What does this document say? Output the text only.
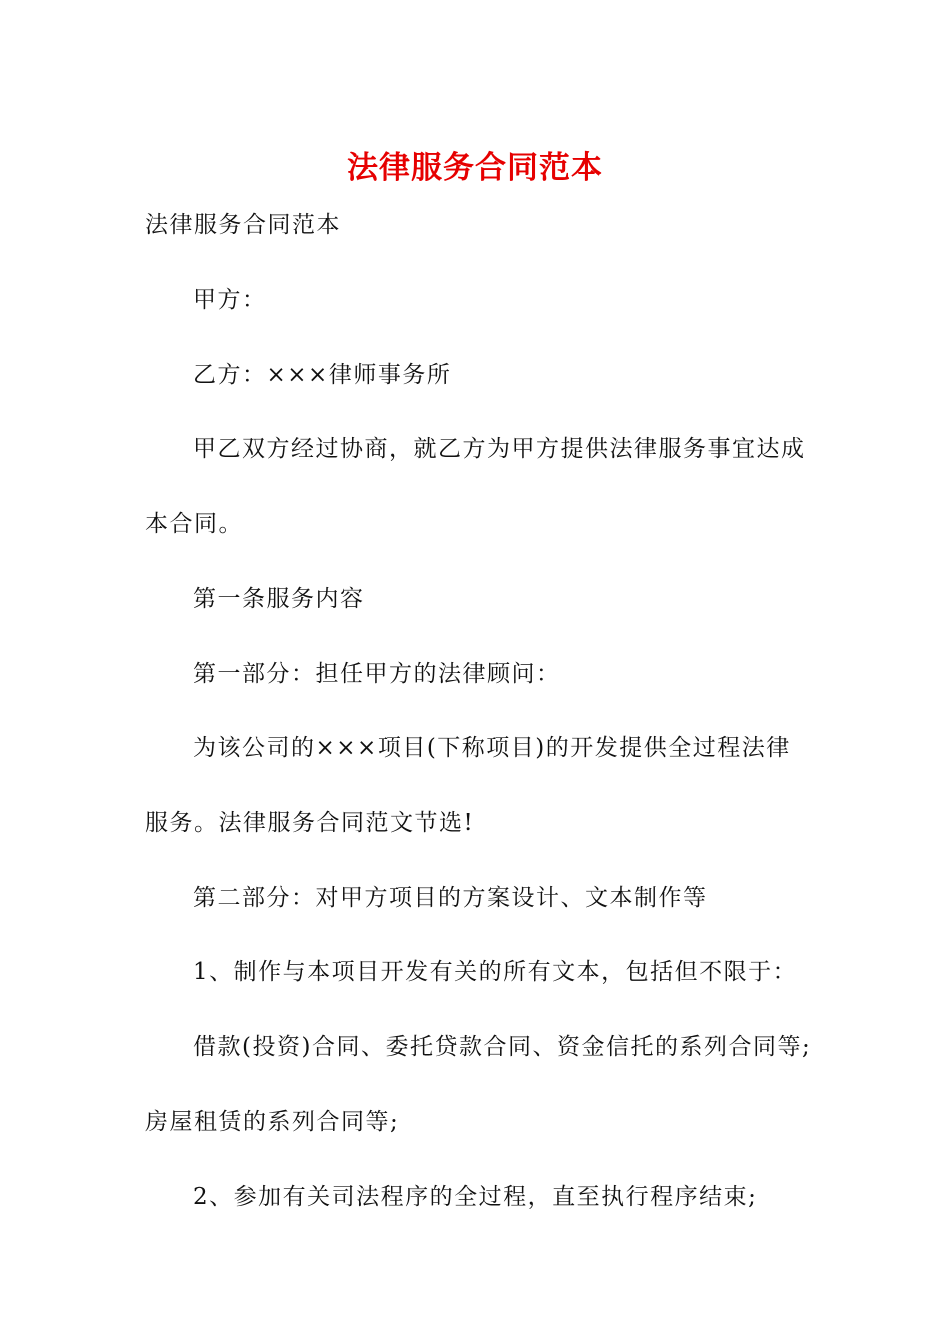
法律服务合同范本

法律服务合同范本

甲方：

乙方：×××律师事务所

甲乙双方经过协商，就乙方为甲方提供法律服务事宜达成

本合同。

第一条服务内容

第一部分：担任甲方的法律顾问：

为该公司的×××项目(下称项目)的开发提供全过程法律

服务。法律服务合同范文节选!

第二部分：对甲方项目的方案设计、文本制作等

1、制作与本项目开发有关的所有文本，包括但不限于：

借款(投资)合同、委托贷款合同、资金信托的系列合同等;

房屋租赁的系列合同等;

2、参加有关司法程序的全过程，直至执行程序结束;
